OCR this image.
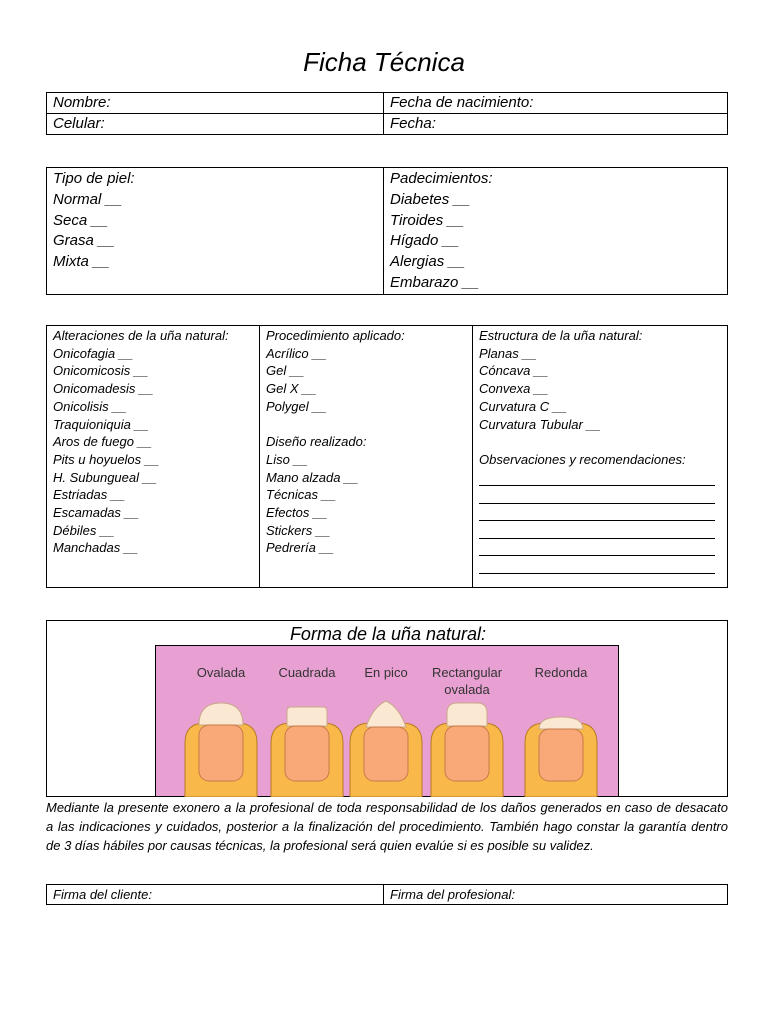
Ficha Técnica
Nombre:	Fecha de nacimiento:
Celular:	Fecha:
Tipo de piel:
Normal __
Seca __
Grasa __
Mixta __

Padecimientos:
Diabetes __
Tiroides __
Hígado __
Alergias __
Embarazo __
Alteraciones de la uña natural:
Onicofagia __
Onicomicosis __
Onicomadesis __
Onicolisis __
Traquioniquia __
Aros de fuego __
Pits u hoyuelos __
H. Subungueal __
Estriadas __
Escamadas __
Débiles __
Manchadas __

Procedimiento aplicado:
Acrílico __
Gel __
Gel X __
Polygel __
Diseño realizado:
Liso __
Mano alzada __
Técnicas __
Efectos __
Stickers __
Pedrería __

Estructura de la uña natural:
Planas __
Cóncava __
Convexa __
Curvatura C __
Curvatura Tubular __
Observaciones y recomendaciones:
Forma de la uña natural:
Ovalada	Cuadrada En pico Rectangular
ovalada
Redonda
Mediante la presente exonero a la profesional de toda responsabilidad de los daños generados en caso de desacato a las indicaciones y cuidados, posterior a la finalización del procedimiento. También hago constar la garantía dentro de 3 días hábiles por causas técnicas, la profesional será quien evalúe si es posible su validez.
Firma del cliente:	Firma del profesional:
